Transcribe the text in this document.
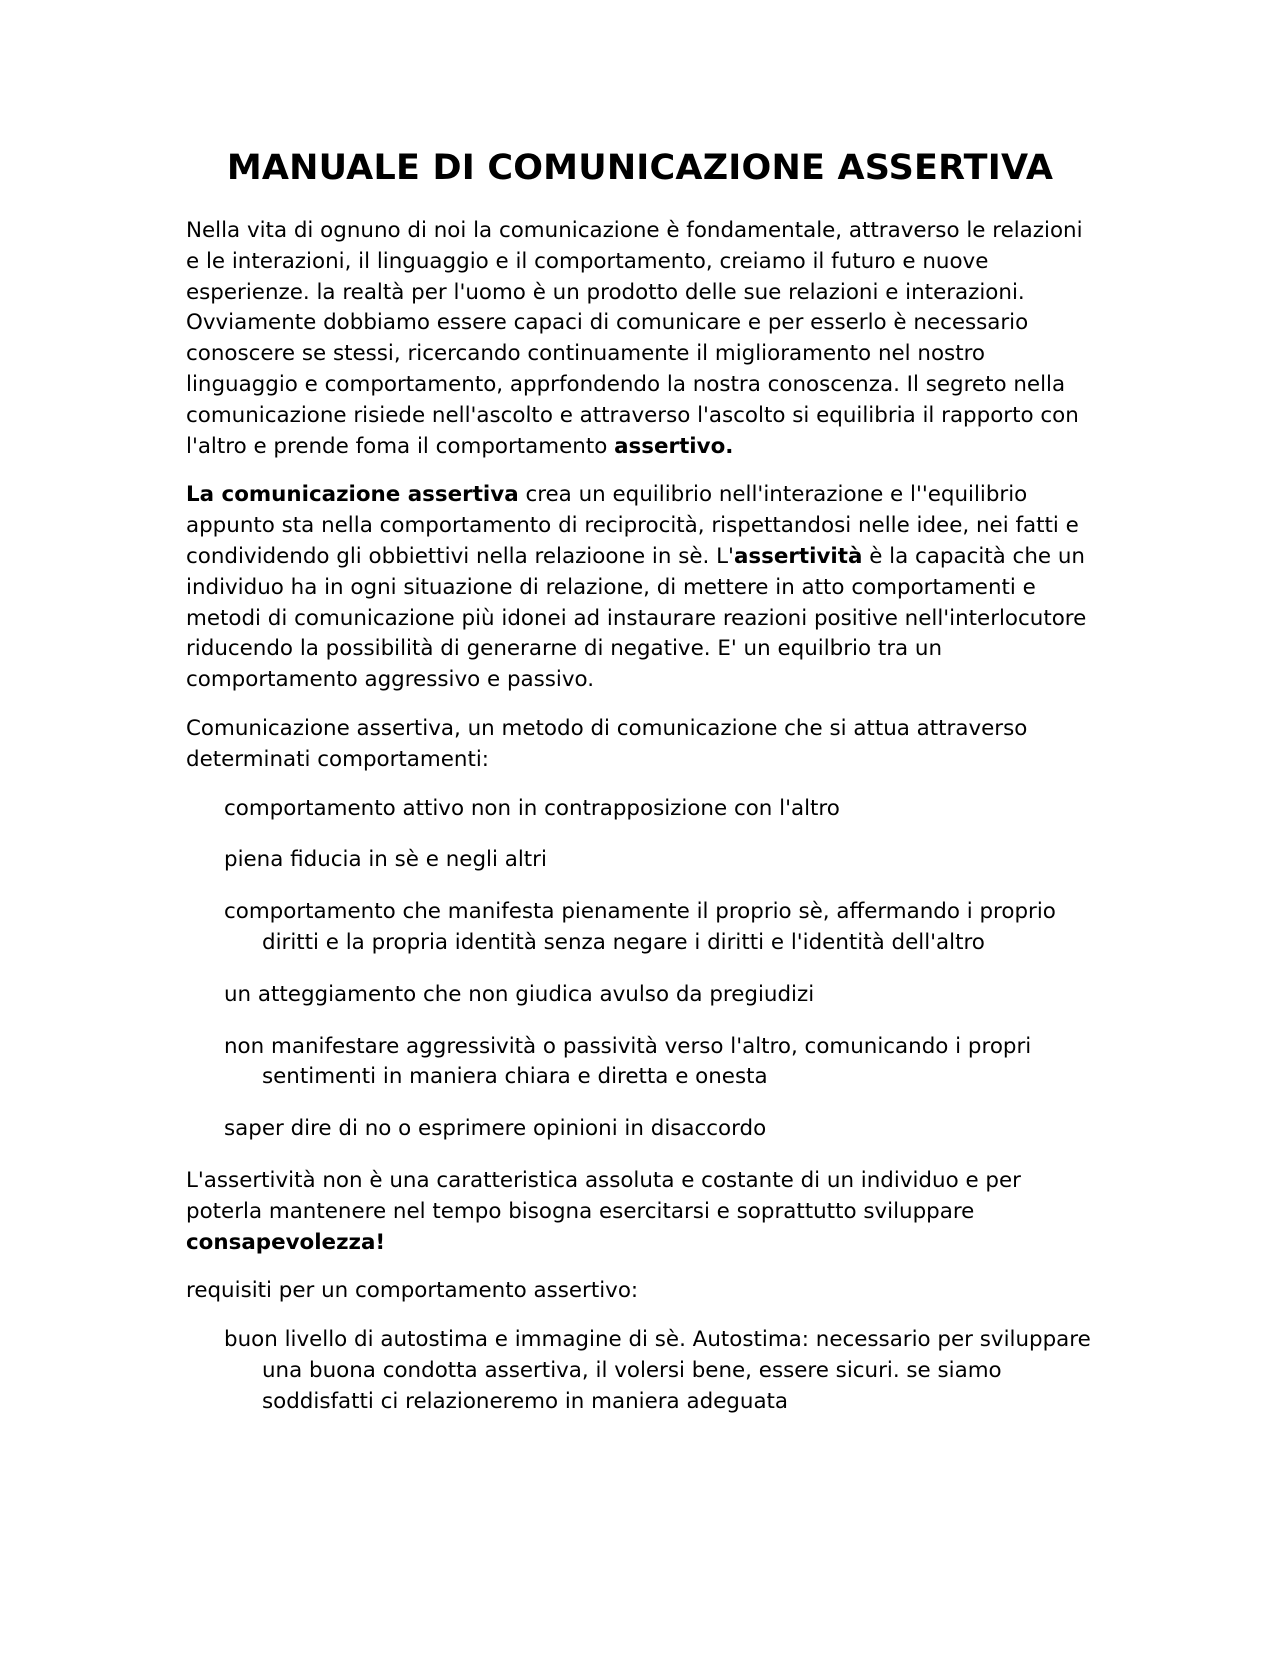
MANUALE DI COMUNICAZIONE ASSERTIVA

Nella vita di ognuno di noi la comunicazione è fondamentale, attraverso le relazioni e le interazioni, il linguaggio e il comportamento, creiamo il futuro e nuove esperienze. la realtà per l'uomo è un prodotto delle sue relazioni e interazioni. Ovviamente dobbiamo essere capaci di comunicare e per esserlo è necessario conoscere se stessi, ricercando continuamente il miglioramento nel nostro linguaggio e comportamento, apprfondendo la nostra conoscenza. Il segreto nella comunicazione risiede nell'ascolto e attraverso l'ascolto si equilibria il rapporto con l'altro e prende foma il comportamento assertivo.

La comunicazione assertiva crea un equilibrio nell'interazione e l''equilibrio appunto sta nella comportamento di reciprocità, rispettandosi nelle idee, nei fatti e condividendo gli obbiettivi nella relazioone in sè. L'assertività è la capacità che un individuo ha in ogni situazione di relazione, di mettere in atto comportamenti e metodi di comunicazione più idonei ad instaurare reazioni positive nell'interlocutore riducendo la possibilità di generarne di negative. E' un equilbrio tra un comportamento aggressivo e passivo.

Comunicazione assertiva, un metodo di comunicazione che si attua attraverso determinati comportamenti:

comportamento attivo non in contrapposizione con l'altro
piena fiducia in sè e negli altri
comportamento che manifesta pienamente il proprio sè, affermando i proprio diritti e la propria identità senza negare i diritti e l'identità dell'altro
un atteggiamento che non giudica avulso da pregiudizi
non manifestare aggressività o passività verso l'altro, comunicando i propri sentimenti in maniera chiara e diretta e onesta
saper dire di no o esprimere opinioni in disaccordo

L'assertività non è una caratteristica assoluta e costante di un individuo e per poterla mantenere nel tempo bisogna esercitarsi e soprattutto sviluppare consapevolezza!

requisiti per un comportamento assertivo:

buon livello di autostima e immagine di sè. Autostima: necessario per sviluppare una buona condotta assertiva, il volersi bene, essere sicuri. se siamo soddisfatti ci relazioneremo in maniera adeguata
